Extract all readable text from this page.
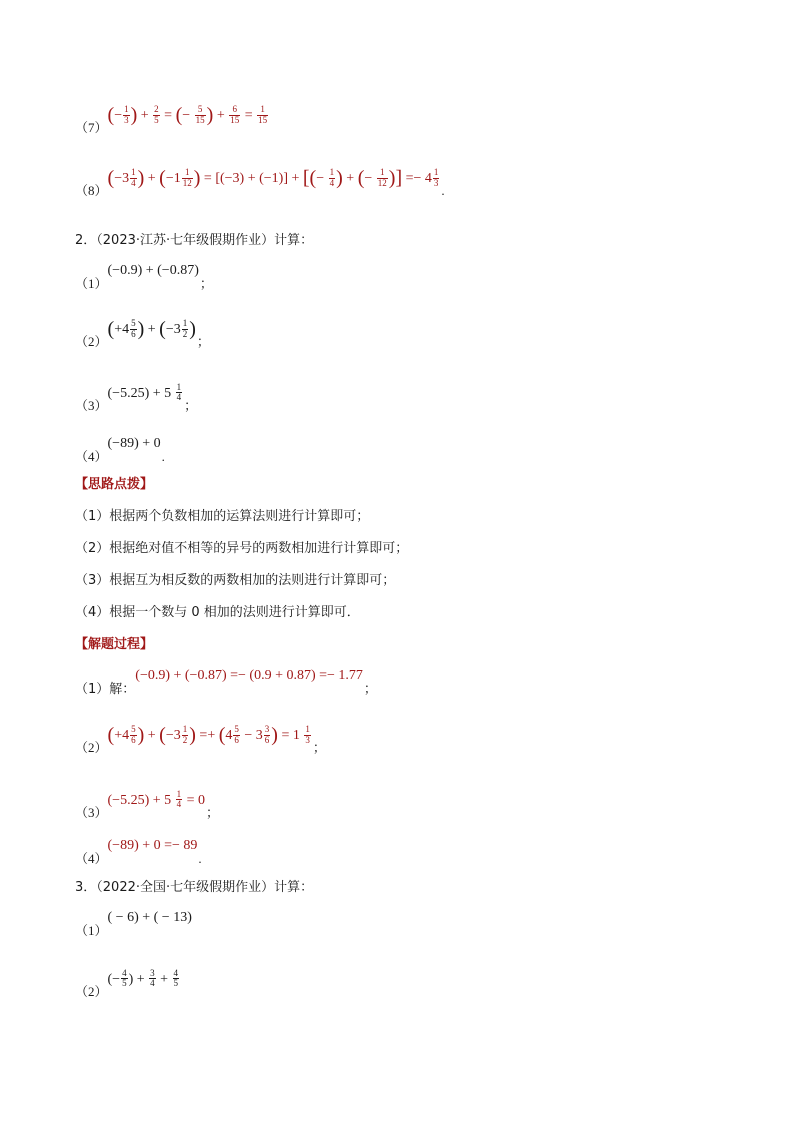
$(7)(- \frac{1}{3}$ ) + $\frac{2}{5}$ = (− $\frac{5}{15}$ ) + $\frac{6}{15} = \frac{1}{15}$
$(8)(-3 \frac{1}{4}$ ) + ($-1 \frac{1}{12}$ ) = [(−3) + (−1)] + [(− $\frac{1}{4}$ ) + (− $\frac{1}{12}$ )] =− $4 \frac{1}{3}$
.
2．（2023·江苏·七年级假期作业）计算：
（1）(−0.9) + (−0.87)；
$(2)(+4 \frac{5}{6}$ ) + ($-3 \frac{1}{2}$ )；
$(3)(-5.25) + 5 \frac{1}{4}$
；
（4）(−89) + 0.
【思路点拨】
（1）根据两个负数相加的运算法则进行计算即可；
（2）根据绝对值不相等的异号的两数相加进行计算即可；
（3）根据互为相反数的两数相加的法则进行计算即可；
（4）根据一个数与 0 相加的法则进行计算即可．
【解题过程】
（1）解：(−0.9) + (−0.87) =− (0.9 + 0.87) =− 1.77；
$(2)(+4 \frac{5}{6}$ ) + ($-3 \frac{1}{2}$ ) =+ ($4 \frac{5}{6} - 3 \frac{3}{6}$ ) = $1 \frac{1}{3}$
；
$(3)(-5.25) + 5 \frac{1}{4} = 0$；
（4）(−89) + 0 =− 89.
3．（2022·全国·七年级假期作业）计算：
（1）( − 6) + ( − 13)
$(2)(- \frac{4}{5}$ ) + $\frac{3}{4} + \frac{4}{5}$
